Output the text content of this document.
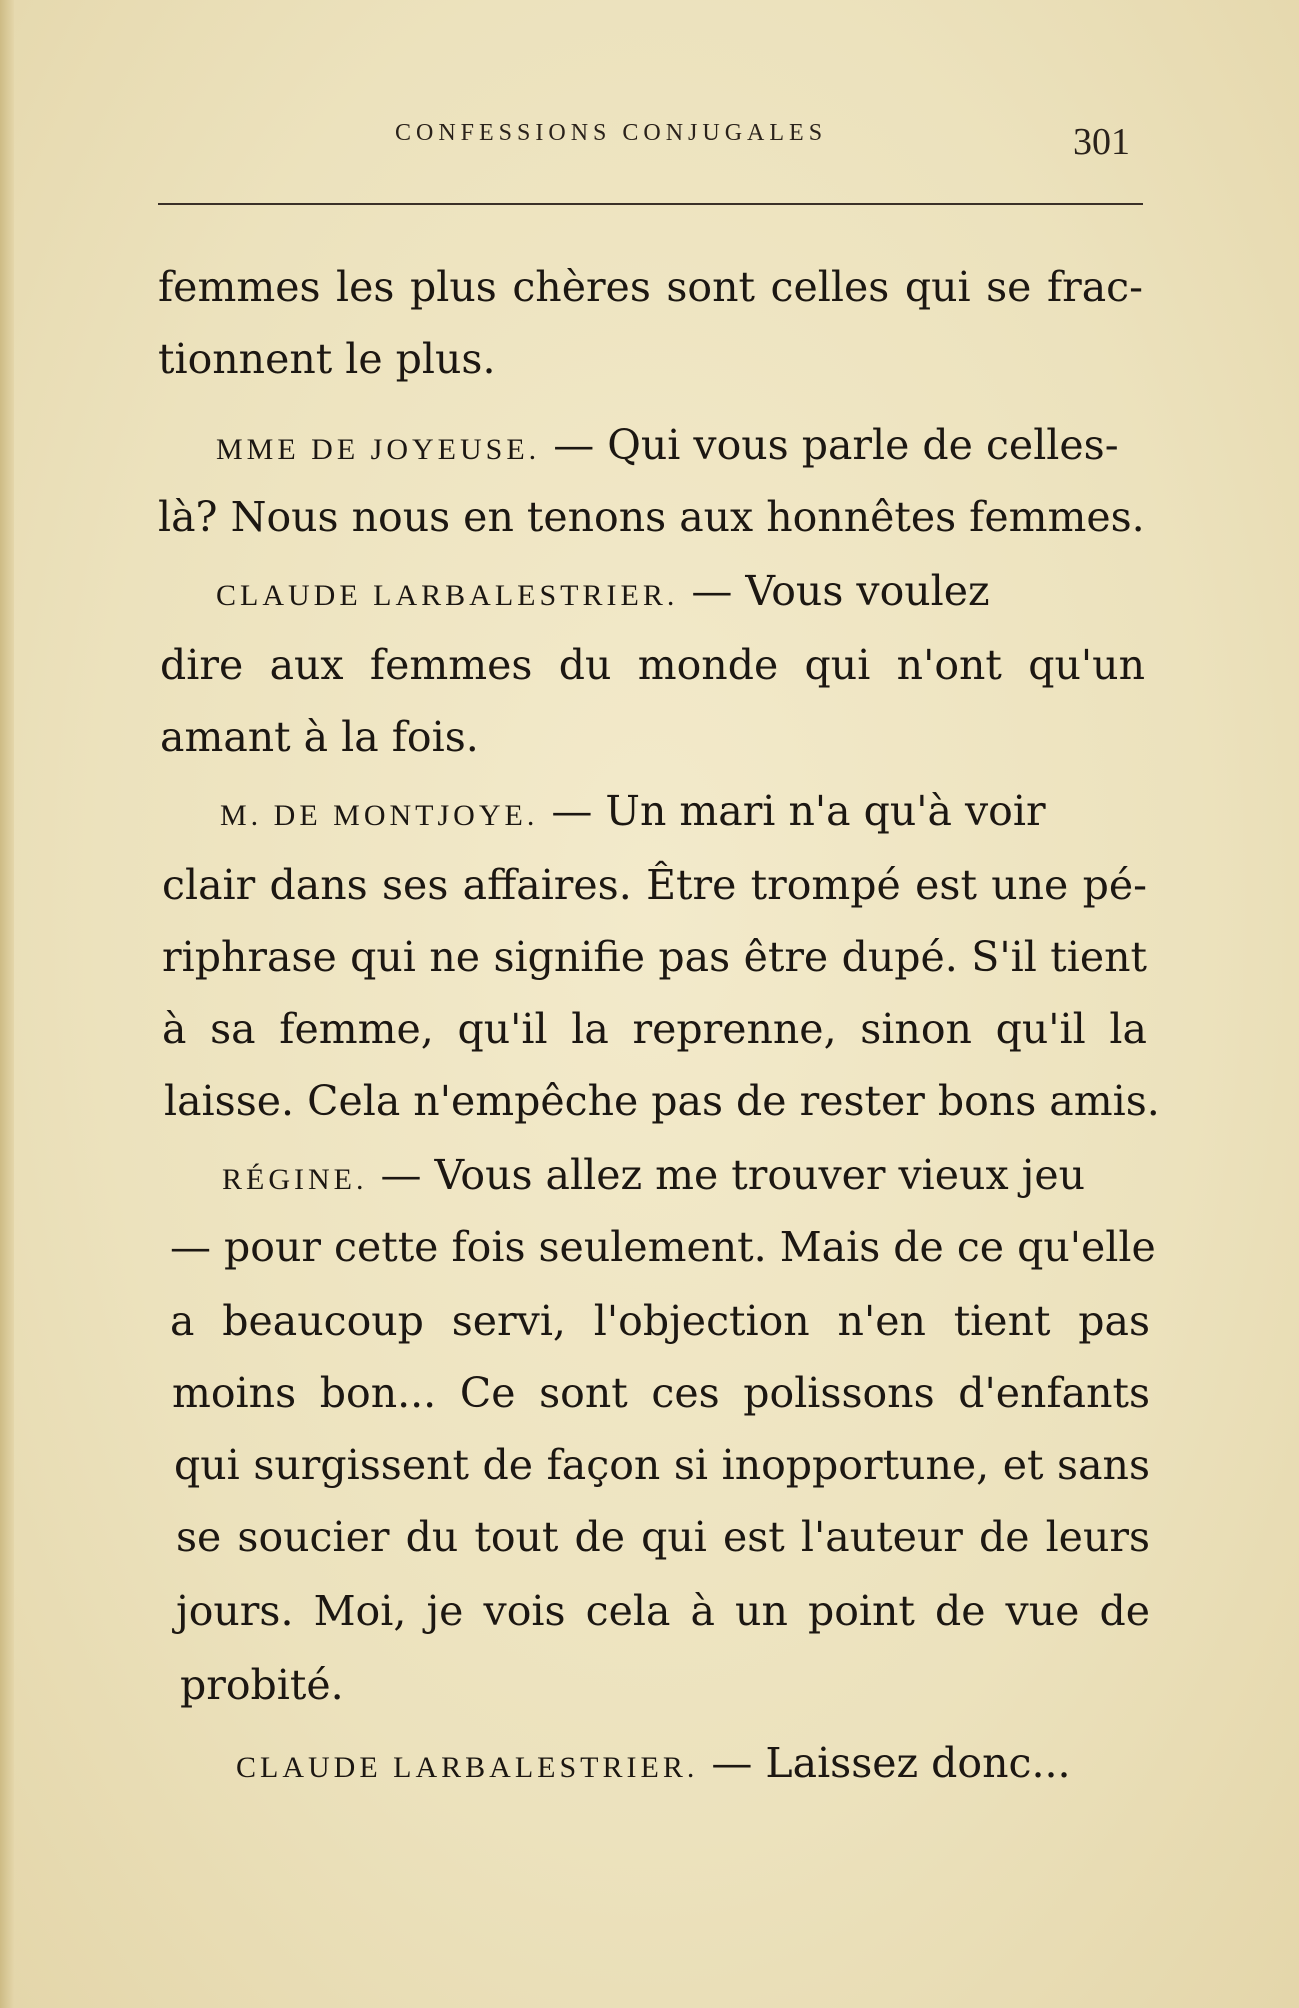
CONFESSIONS CONJUGALES	301
femmes les plus chères sont celles qui se frac-
tionnent le plus.
MME DE JOYEUSE. — Qui vous parle de celles-
là? Nous nous en tenons aux honnêtes femmes.
CLAUDE LARBALESTRIER. — Vous voulez
dire aux femmes du monde qui n'ont qu'un
amant à la fois.
M. DE MONTJOYE. — Un mari n'a qu'à voir
clair dans ses affaires. Être trompé est une pé-
riphrase qui ne signifie pas être dupé. S'il tient
à sa femme, qu'il la reprenne, sinon qu'il la
laisse. Cela n'empêche pas de rester bons amis.
RÉGINE. — Vous allez me trouver vieux jeu
— pour cette fois seulement. Mais de ce qu'elle
a beaucoup servi, l'objection n'en tient pas
moins bon... Ce sont ces polissons d'enfants
qui surgissent de façon si inopportune, et sans
se soucier du tout de qui est l'auteur de leurs
jours. Moi, je vois cela à un point de vue de
probité.
CLAUDE LARBALESTRIER. — Laissez donc...
